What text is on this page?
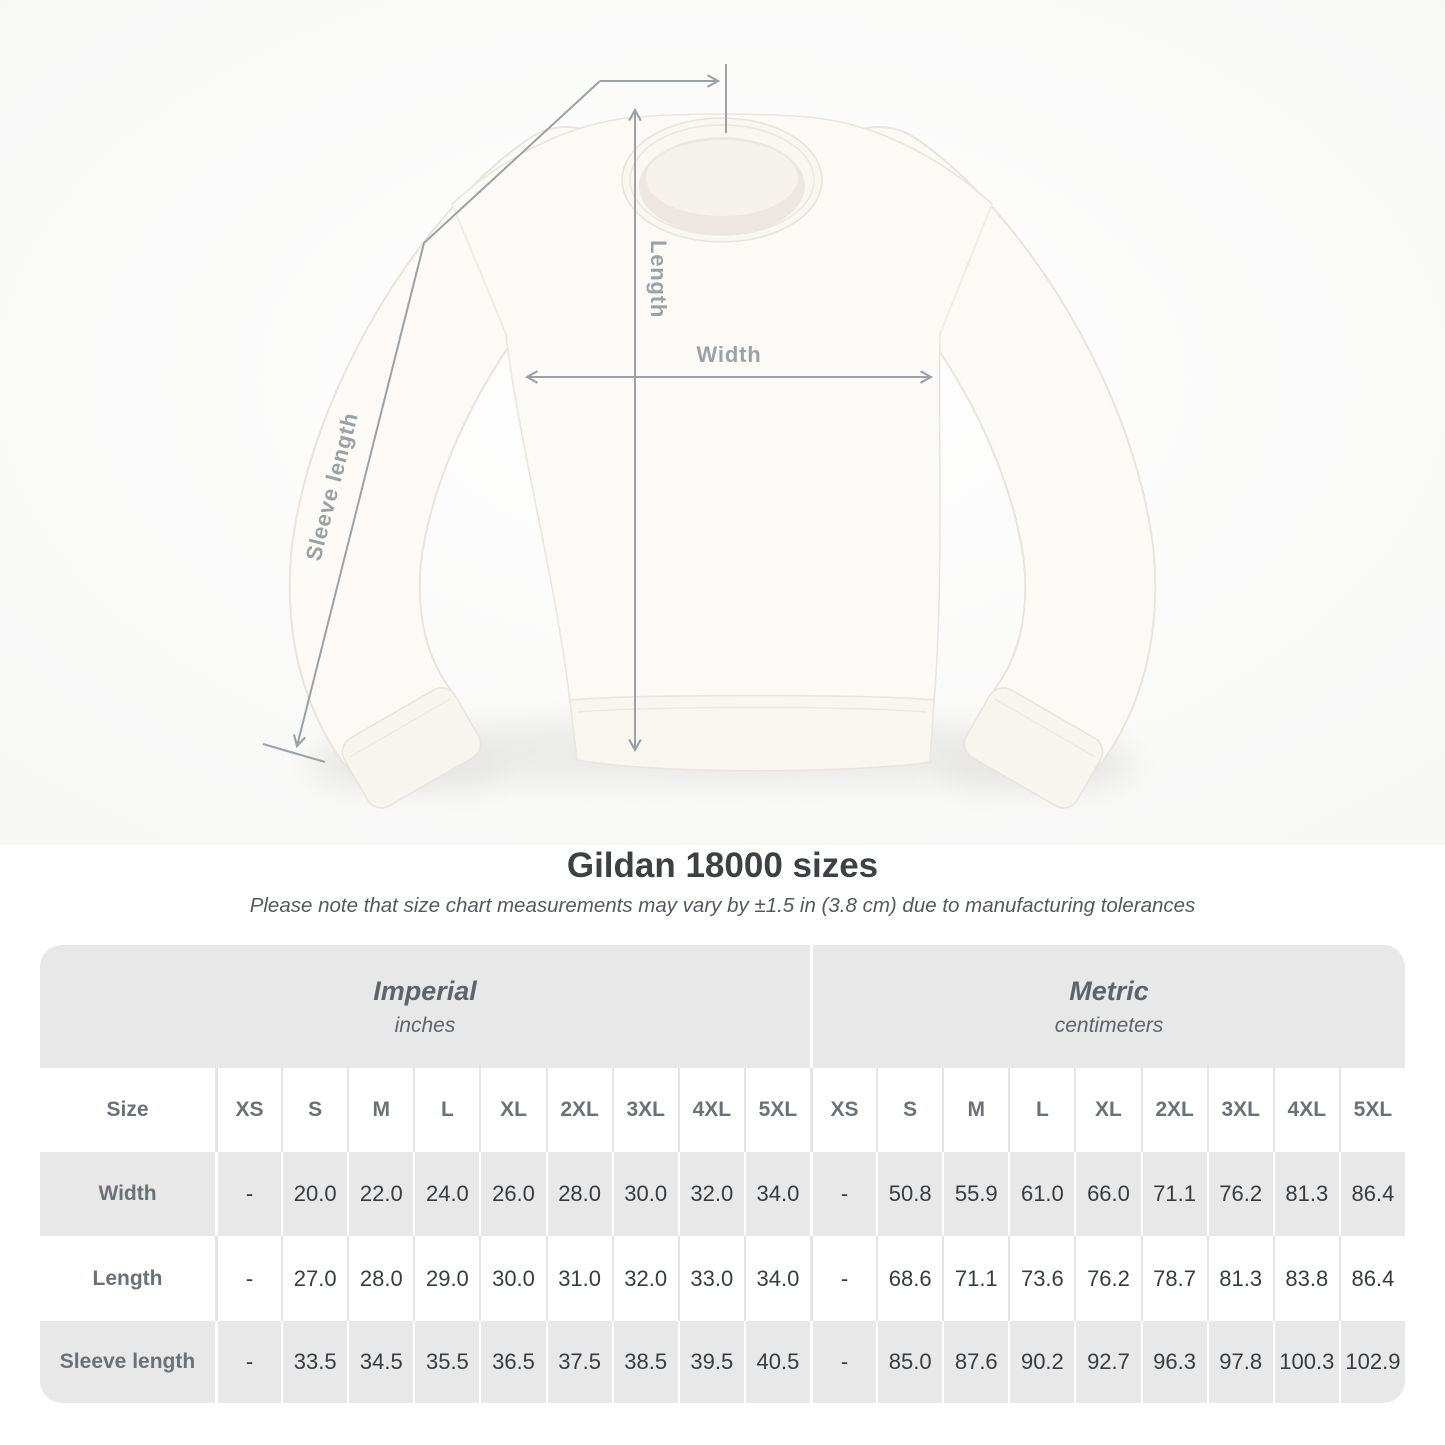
Width
Length
Sleeve length
Gildan 18000 sizes
Please note that size chart measurements may vary by ±1.5 in (3.8 cm) due to manufacturing tolerances
Imperial
inches

Metric
centimeters

Size	XS	S	M	L	XL	2XL	3XL	4XL	5XL	XS	S	M	L	XL	2XL	3XL	4XL	5XL
Width	-	20.0	22.0	24.0	26.0	28.0	30.0	32.0	34.0	-	50.8	55.9	61.0	66.0	71.1	76.2	81.3	86.4
Length	-	27.0	28.0	29.0	30.0	31.0	32.0	33.0	34.0	-	68.6	71.1	73.6	76.2	78.7	81.3	83.8	86.4
Sleeve length	-	33.5	34.5	35.5	36.5	37.5	38.5	39.5	40.5	-	85.0	87.6	90.2	92.7	96.3	97.8	100.3	102.9
